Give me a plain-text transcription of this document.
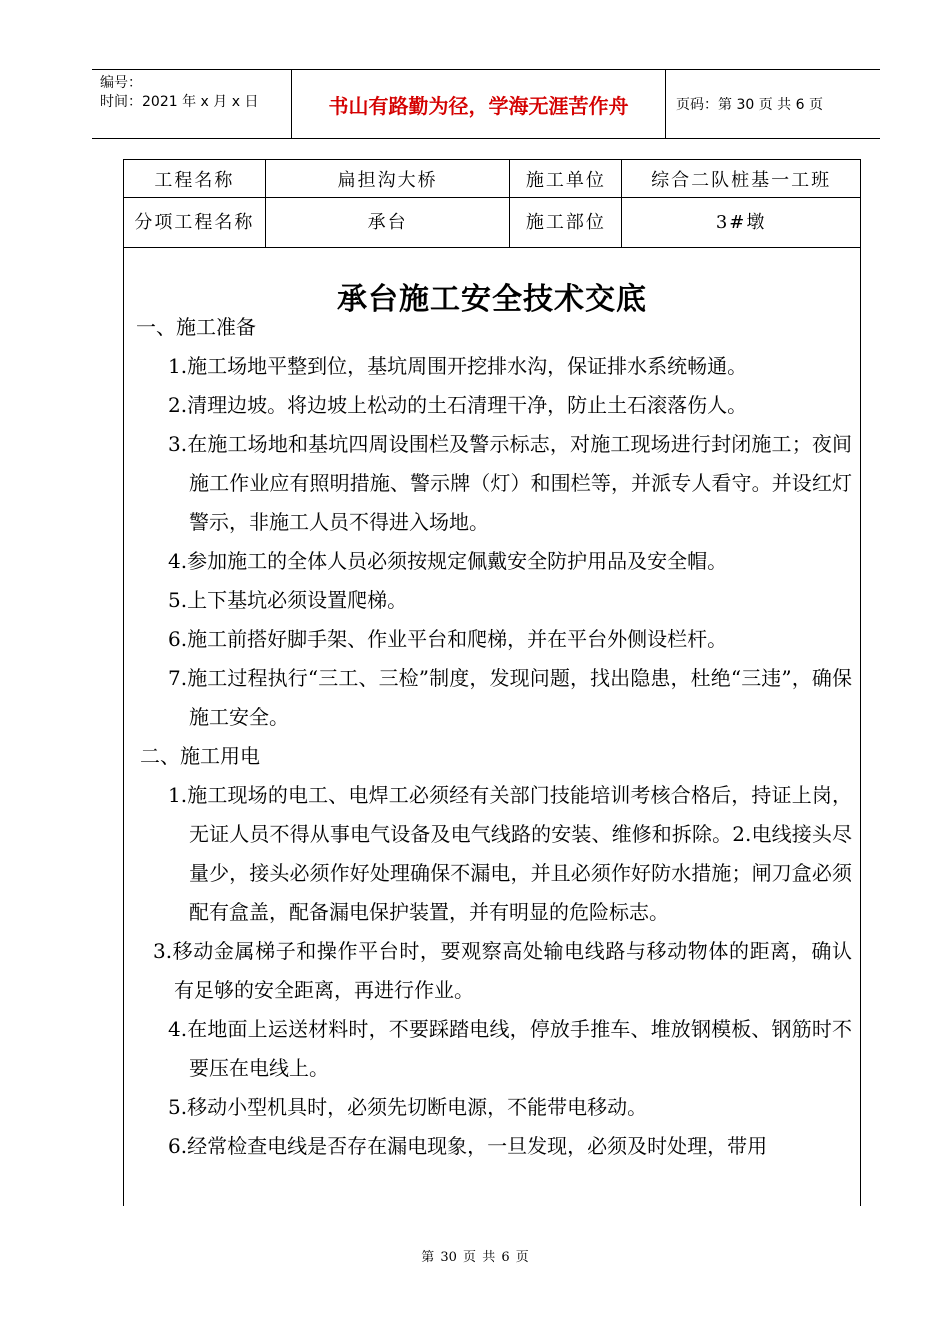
编号：
时间：2021 年 x 月 x 日	书山有路勤为径，学海无涯苦作舟	页码：第 30 页 共 6 页
工程名称	扁担沟大桥	施工单位	综合二队桩基一工班
分项工程名称	承台	施工部位	3#墩
承台施工安全技术交底
一、施工准备
1.施工场地平整到位，基坑周围开挖排水沟，保证排水系统畅通。
2.清理边坡。将边坡上松动的土石清理干净，防止土石滚落伤人。
3.在施工场地和基坑四周设围栏及警示标志，对施工现场进行封闭施工；夜间施工作业应有照明措施、警示牌（灯）和围栏等，并派专人看守。并设红灯警示，非施工人员不得进入场地。
4.参加施工的全体人员必须按规定佩戴安全防护用品及安全帽。
5.上下基坑必须设置爬梯。
6.施工前搭好脚手架、作业平台和爬梯，并在平台外侧设栏杆。
7.施工过程执行“三工、三检”制度，发现问题，找出隐患，杜绝“三违”，确保施工安全。
二、施工用电
1.施工现场的电工、电焊工必须经有关部门技能培训考核合格后，持证上岗，无证人员不得从事电气设备及电气线路的安装、维修和拆除。2.电线接头尽量少，接头必须作好处理确保不漏电，并且必须作好防水措施；闸刀盒必须配有盒盖，配备漏电保护装置，并有明显的危险标志。
3.移动金属梯子和操作平台时，要观察高处输电线路与移动物体的距离，确认有足够的安全距离，再进行作业。
4.在地面上运送材料时，不要踩踏电线，停放手推车、堆放钢模板、钢筋时不要压在电线上。
5.移动小型机具时，必须先切断电源，不能带电移动。
6.经常检查电线是否存在漏电现象，一旦发现，必须及时处理，带用
第 30 页 共 6 页
